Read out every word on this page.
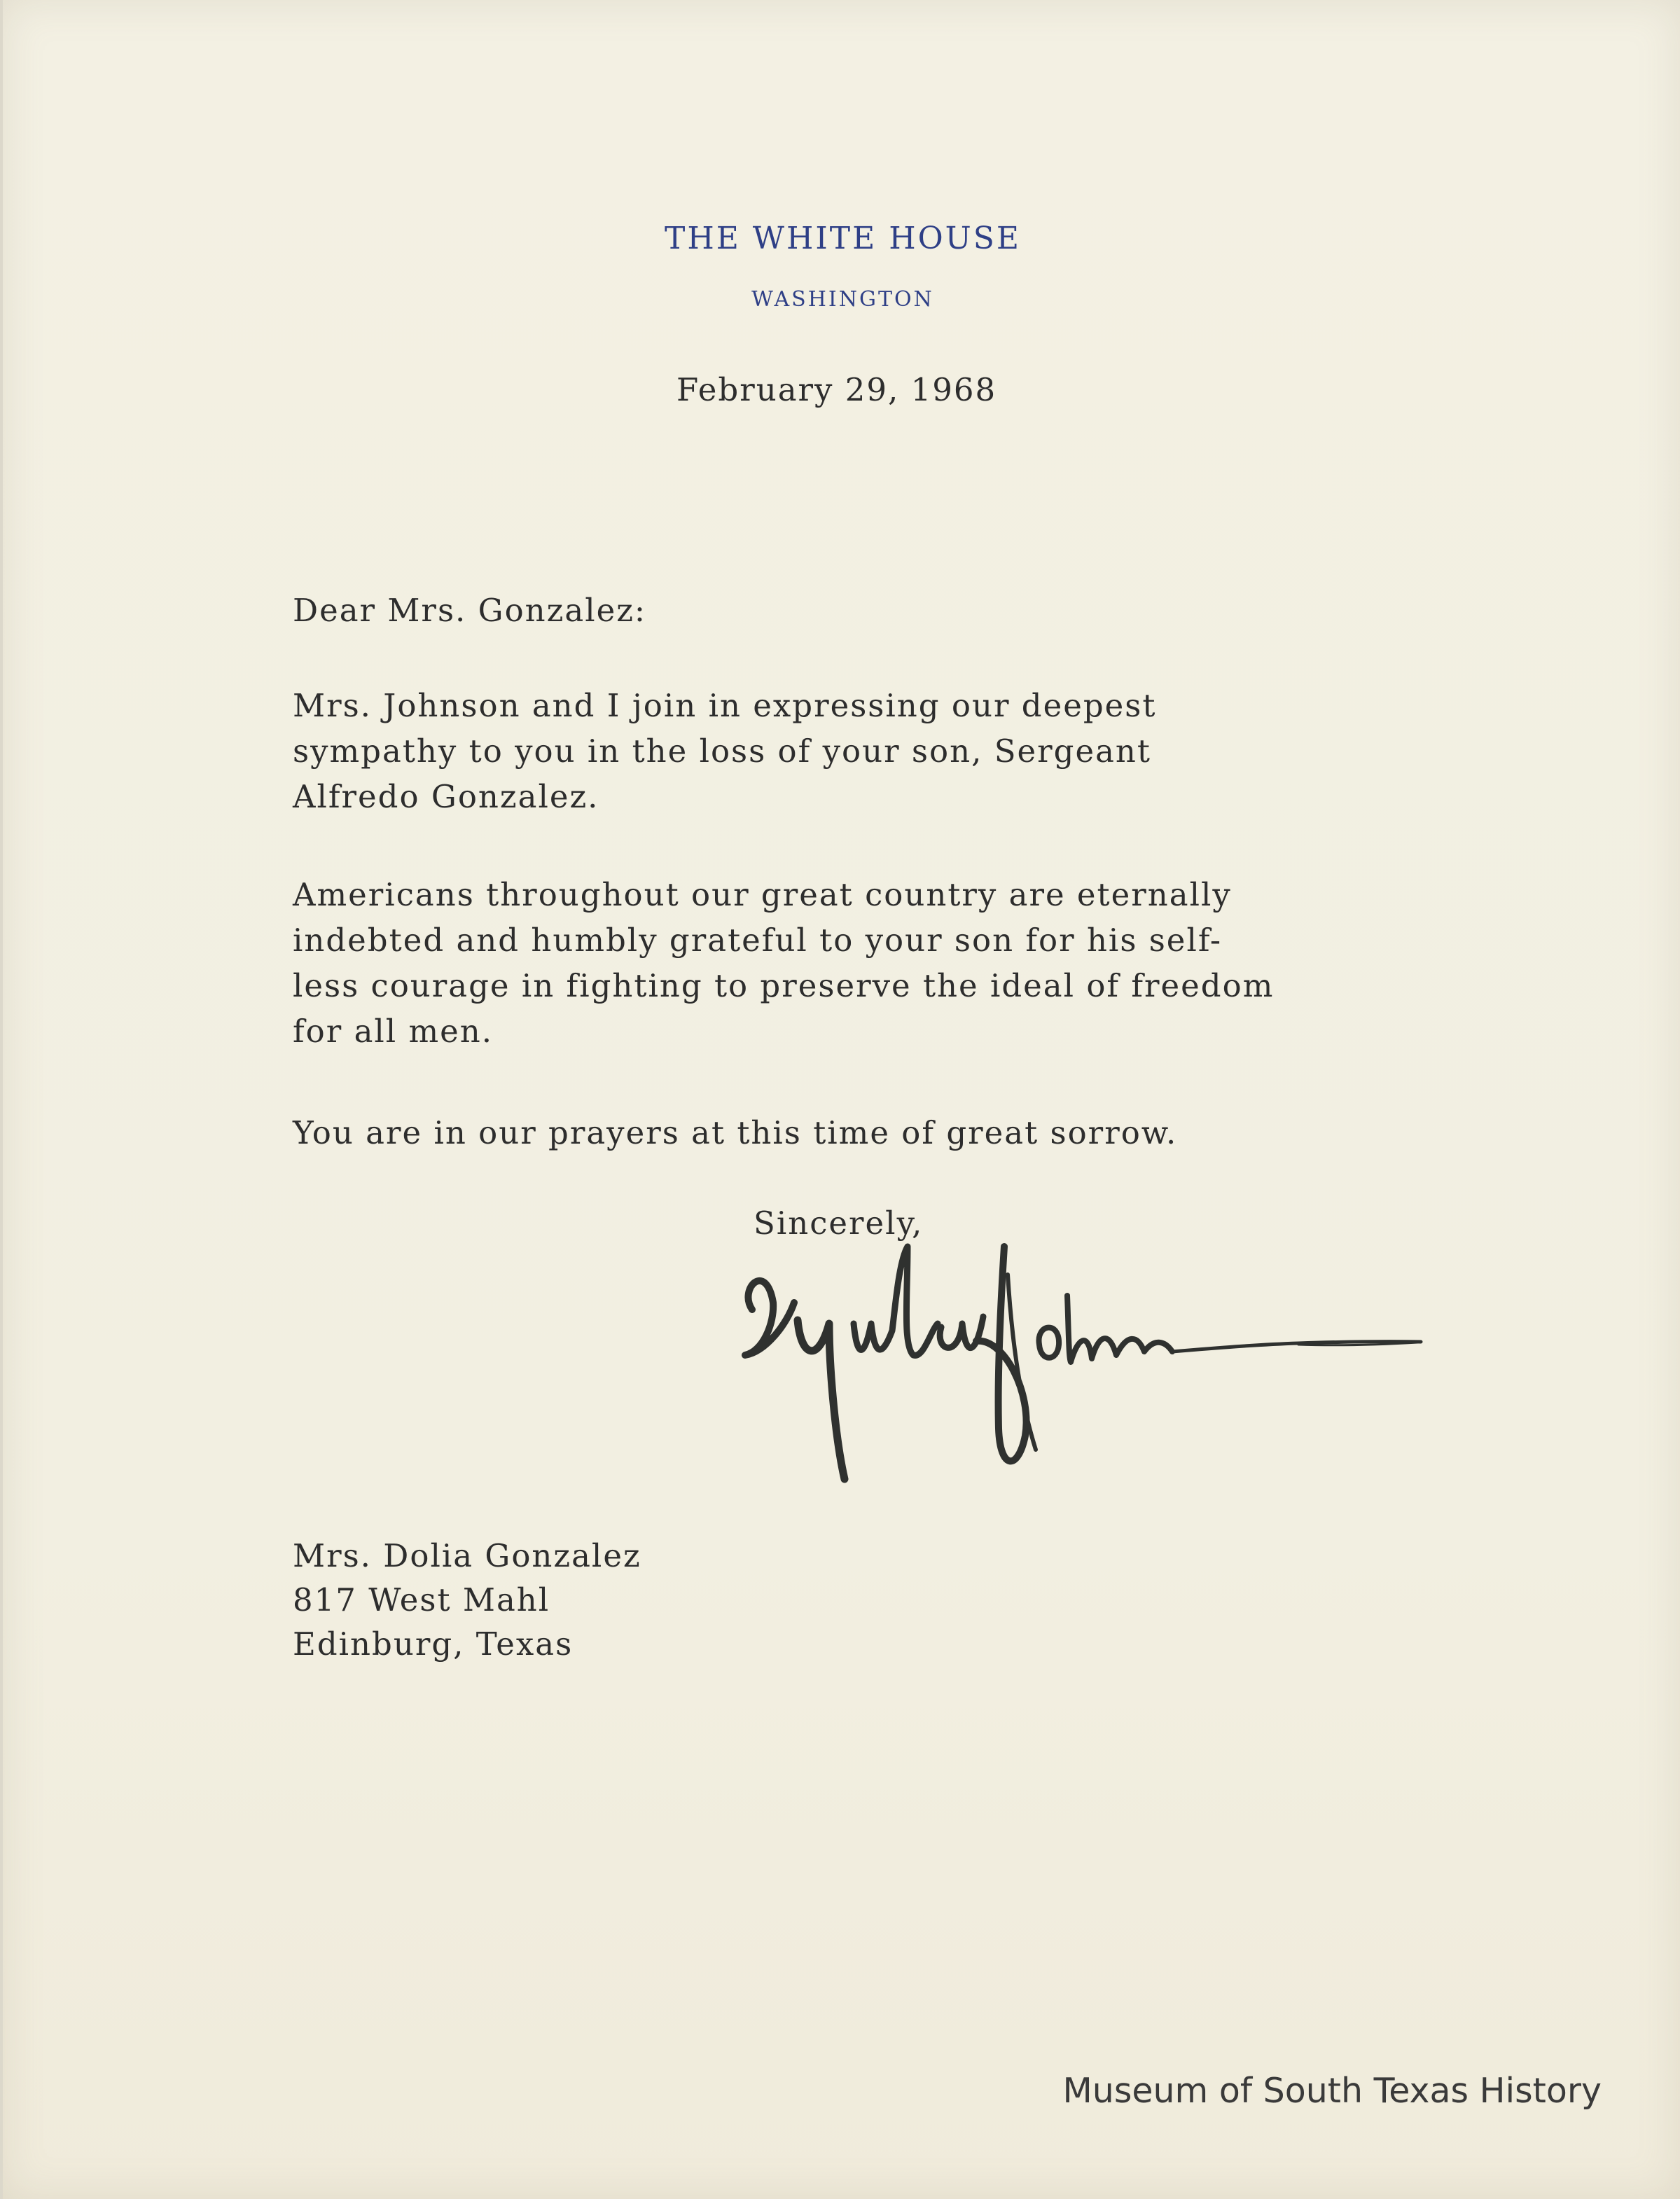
THE WHITE HOUSE
WASHINGTON

February 29, 1968

Dear Mrs. Gonzalez:

Mrs. Johnson and I join in expressing our deepest
sympathy to you in the loss of your son, Sergeant
Alfredo Gonzalez.
Americans throughout our great country are eternally
indebted and humbly grateful to your son for his self-
less courage in fighting to preserve the ideal of freedom
for all men.
You are in our prayers at this time of great sorrow.

Sincerely,

Mrs. Dolia Gonzalez
817 West Mahl
Edinburg, Texas
Museum of South Texas History
